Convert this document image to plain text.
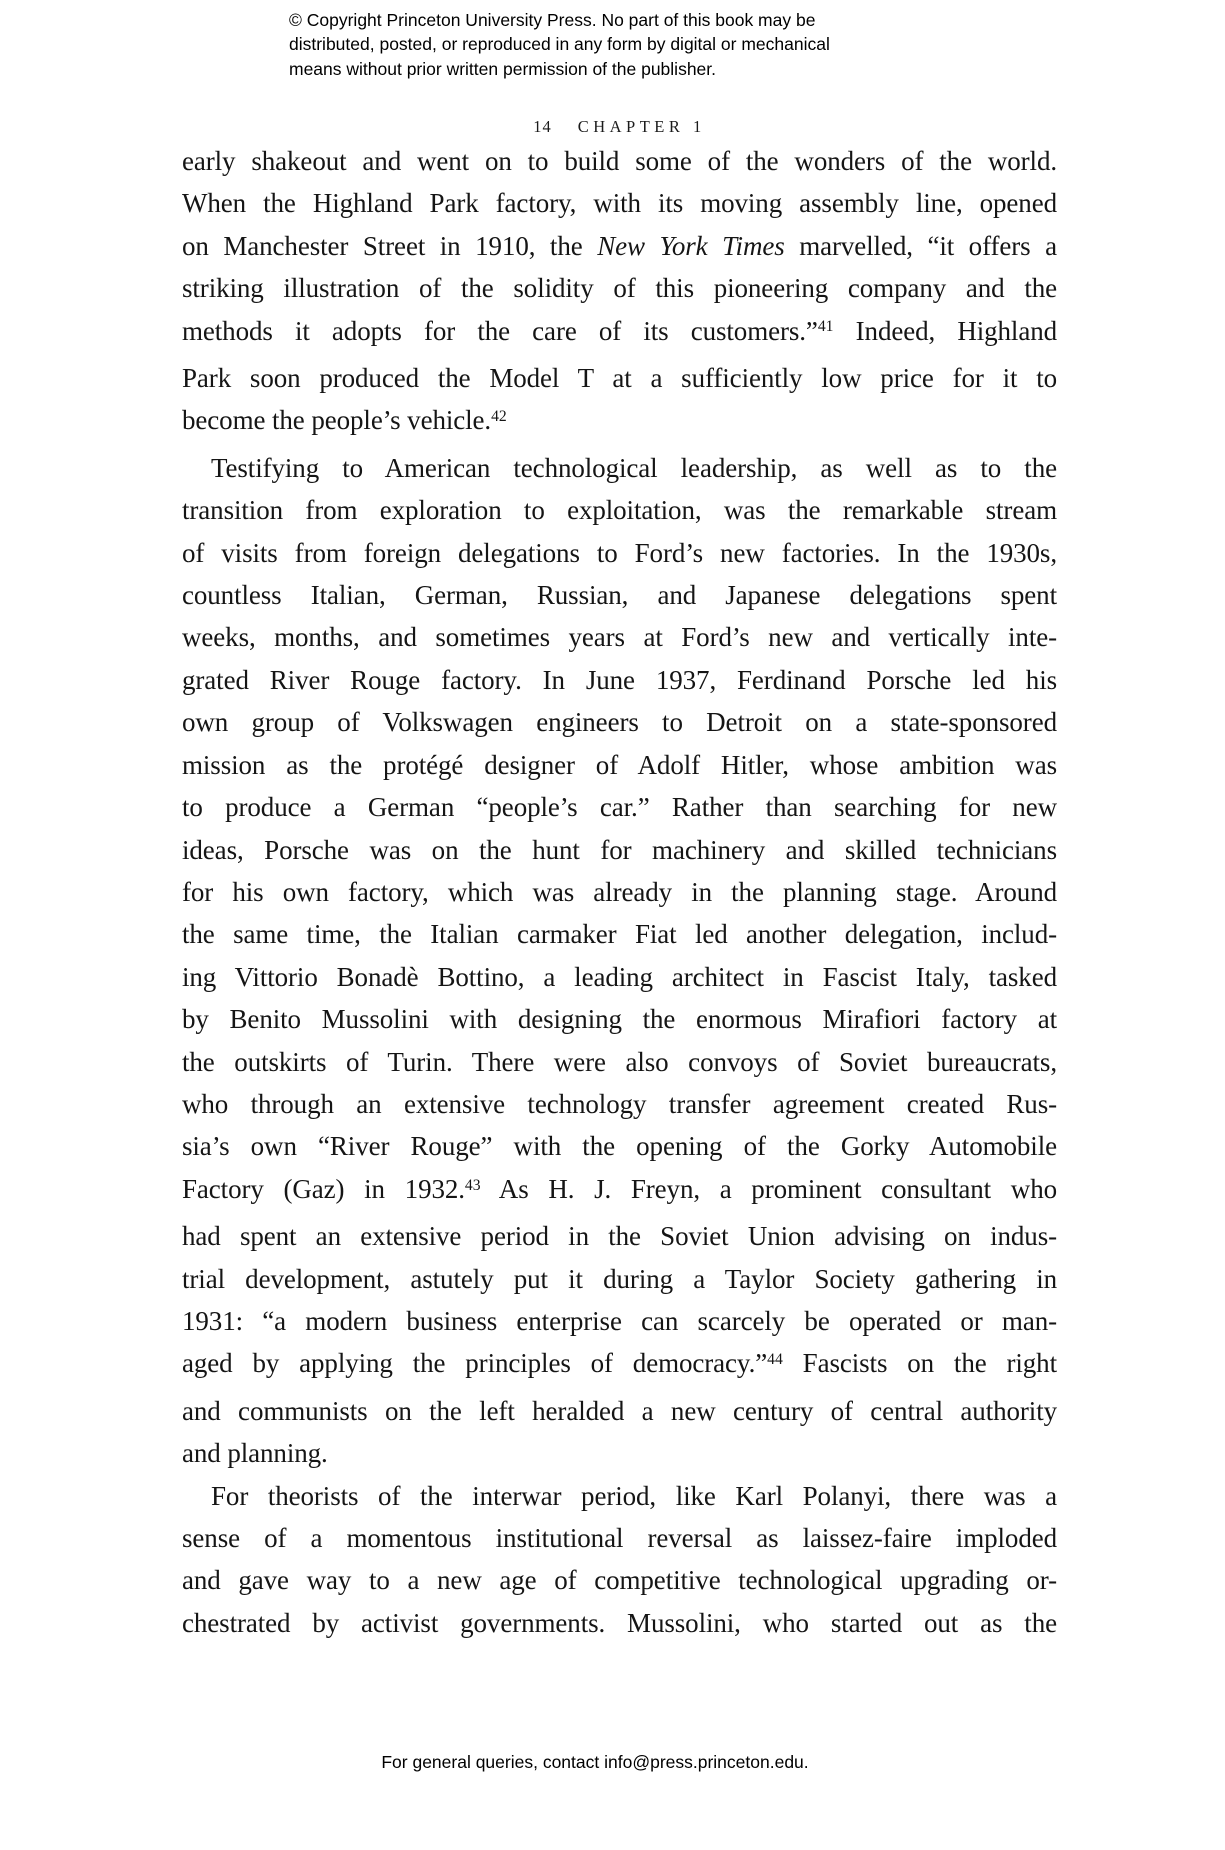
© Copyright Princeton University Press. No part of this book may be
distributed, posted, or reproduced in any form by digital or mechanical
means without prior written permission of the publisher.
14 CHAPTER 1
early shakeout and went on to build some of the wonders of the world.
When the Highland Park factory, with its moving assembly line, opened
on Manchester Street in 1910, the New York Times marvelled, “it offers a
striking illustration of the solidity of this pioneering company and the
methods it adopts for the care of its customers.”$^{41}$ Indeed, Highland
Park soon produced the Model T at a sufficiently low price for it to
become the people’s vehicle.$^{42}$
Testifying to American technological leadership, as well as to the
transition from exploration to exploitation, was the remarkable stream
of visits from foreign delegations to Ford’s new factories. In the 1930s,
countless Italian, German, Russian, and Japanese delegations spent
weeks, months, and sometimes years at Ford’s new and vertically inte-
grated River Rouge factory. In June 1937, Ferdinand Porsche led his
own group of Volkswagen engineers to Detroit on a state-sponsored
mission as the protégé designer of Adolf Hitler, whose ambition was
to produce a German “people’s car.” Rather than searching for new
ideas, Porsche was on the hunt for machinery and skilled technicians
for his own factory, which was already in the planning stage. Around
the same time, the Italian carmaker Fiat led another delegation, includ-
ing Vittorio Bonadè Bottino, a leading architect in Fascist Italy, tasked
by Benito Mussolini with designing the enormous Mirafiori factory at
the outskirts of Turin. There were also convoys of Soviet bureaucrats,
who through an extensive technology transfer agreement created Rus-
sia’s own “River Rouge” with the opening of the Gorky Automobile
Factory (Gaz) in 1932.43 As H. J. Freyn, a prominent consultant who
had spent an extensive period in the Soviet Union advising on indus-
trial development, astutely put it during a Taylor Society gathering in
1931: “a modern business enterprise can scarcely be operated or man-
aged by applying the principles of democracy.”$^{44}$ Fascists on the right
and communists on the left heralded a new century of central authority
and planning.
For theorists of the interwar period, like Karl Polanyi, there was a
sense of a momentous institutional reversal as laissez-faire imploded
and gave way to a new age of competitive technological upgrading or-
chestrated by activist governments. Mussolini, who started out as the
For general queries, contact info@press.princeton.edu.
